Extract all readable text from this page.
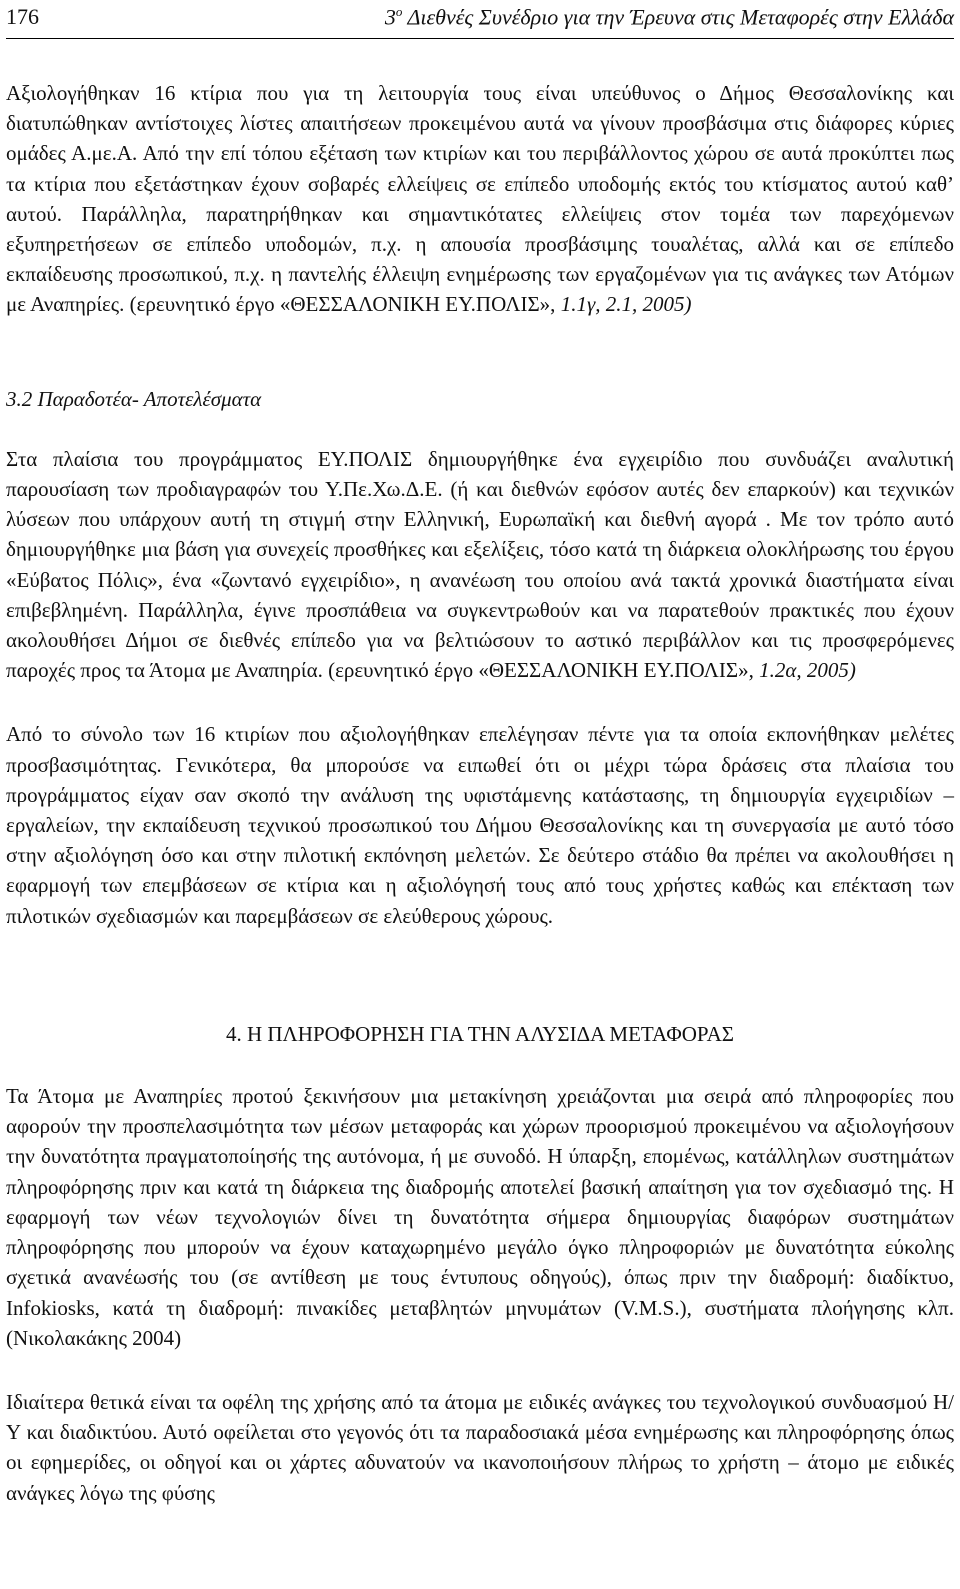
176	$3^o$ Διεθνές Συνέδριο για την Έρευνα στις Μεταφορές στην Ελλάδα

Αξιολογήθηκαν 16 κτίρια που για τη λειτουργία τους είναι υπεύθυνος ο Δήμος Θεσσαλονίκης και διατυπώθηκαν αντίστοιχες λίστες απαιτήσεων προκειμένου αυτά να γίνουν προσβάσιμα στις διάφορες κύριες ομάδες Α.με.Α. Από την επί τόπου εξέταση των κτιρίων και του περιβάλλοντος χώρου σε αυτά προκύπτει πως τα κτίρια που εξετάστηκαν έχουν σοβαρές ελλείψεις σε επίπεδο υποδομής εκτός του κτίσματος αυτού καθ’ αυτού. Παράλληλα, παρατηρήθηκαν και σημαντικότατες ελλείψεις στον τομέα των παρεχόμενων εξυπηρετήσεων σε επίπεδο υποδομών, π.χ. η απουσία προσβάσιμης τουαλέτας, αλλά και σε επίπεδο εκπαίδευσης προσωπικού, π.χ. η παντελής έλλειψη ενημέρωσης των εργαζομένων για τις ανάγκες των Ατόμων με Αναπηρίες. (ερευνητικό έργο «ΘΕΣΣΑΛΟΝΙΚΗ ΕΥ.ΠΟΛΙΣ», 1.1γ, 2.1, 2005)

3.2 Παραδοτέα- Αποτελέσματα

Στα πλαίσια του προγράμματος ΕΥ.ΠΟΛΙΣ δημιουργήθηκε ένα εγχειρίδιο που συνδυάζει αναλυτική παρουσίαση των προδιαγραφών του Υ.Πε.Χω.Δ.Ε. (ή και διεθνών εφόσον αυτές δεν επαρκούν) και τεχνικών λύσεων που υπάρχουν αυτή τη στιγμή στην Ελληνική, Ευρωπαϊκή και διεθνή αγορά . Με τον τρόπο αυτό δημιουργήθηκε μια βάση για συνεχείς προσθήκες και εξελίξεις, τόσο κατά τη διάρκεια ολοκλήρωσης του έργου «Εύβατος Πόλις», ένα «ζωντανό εγχειρίδιο», η ανανέωση του οποίου ανά τακτά χρονικά διαστήματα είναι επιβεβλημένη. Παράλληλα, έγινε προσπάθεια να συγκεντρωθούν και να παρατεθούν πρακτικές που έχουν ακολουθήσει Δήμοι σε διεθνές επίπεδο για να βελτιώσουν το αστικό περιβάλλον και τις προσφερόμενες παροχές προς τα Άτομα με Αναπηρία. (ερευνητικό έργο «ΘΕΣΣΑΛΟΝΙΚΗ ΕΥ.ΠΟΛΙΣ», 1.2α, 2005)

Από το σύνολο των 16 κτιρίων που αξιολογήθηκαν επελέγησαν πέντε για τα οποία εκπονήθηκαν μελέτες προσβασιμότητας. Γενικότερα, θα μπορούσε να ειπωθεί ότι οι μέχρι τώρα δράσεις στα πλαίσια του προγράμματος είχαν σαν σκοπό την ανάλυση της υφιστάμενης κατάστασης, τη δημιουργία εγχειριδίων – εργαλείων, την εκπαίδευση τεχνικού προσωπικού του Δήμου Θεσσαλονίκης και τη συνεργασία με αυτό τόσο στην αξιολόγηση όσο και στην πιλοτική εκπόνηση μελετών. Σε δεύτερο στάδιο θα πρέπει να ακολουθήσει η εφαρμογή των επεμβάσεων σε κτίρια και η αξιολόγησή τους από τους χρήστες καθώς και επέκταση των πιλοτικών σχεδιασμών και παρεμβάσεων σε ελεύθερους χώρους.

4. Η ΠΛΗΡΟΦΟΡΗΣΗ ΓΙΑ ΤΗΝ ΑΛΥΣΙΔΑ ΜΕΤΑΦΟΡΑΣ

Τα Άτομα με Αναπηρίες προτού ξεκινήσουν μια μετακίνηση χρειάζονται μια σειρά από πληροφορίες που αφορούν την προσπελασιμότητα των μέσων μεταφοράς και χώρων προορισμού προκειμένου να αξιολογήσουν την δυνατότητα πραγματοποίησής της αυτόνομα, ή με συνοδό. Η ύπαρξη, επομένως, κατάλληλων συστημάτων πληροφόρησης πριν και κατά τη διάρκεια της διαδρομής αποτελεί βασική απαίτηση για τον σχεδιασμό της. Η εφαρμογή των νέων τεχνολογιών δίνει τη δυνατότητα σήμερα δημιουργίας διαφόρων συστημάτων πληροφόρησης που μπορούν να έχουν καταχωρημένο μεγάλο όγκο πληροφοριών με δυνατότητα εύκολης σχετικά ανανέωσής του (σε αντίθεση με τους έντυπους οδηγούς), όπως πριν την διαδρομή: διαδίκτυο, Infokiosks, κατά τη διαδρομή: πινακίδες μεταβλητών μηνυμάτων (V.M.S.), συστήματα πλοήγησης κλπ. (Νικολακάκης 2004)

Ιδιαίτερα θετικά είναι τα οφέλη της χρήσης από τα άτομα με ειδικές ανάγκες του τεχνολογικού συνδυασμού Η/Υ και διαδικτύου. Αυτό οφείλεται στο γεγονός ότι τα παραδοσιακά μέσα ενημέρωσης και πληροφόρησης όπως οι εφημερίδες, οι οδηγοί και οι χάρτες αδυνατούν να ικανοποιήσουν πλήρως το χρήστη – άτομο με ειδικές ανάγκες λόγω της φύσης
